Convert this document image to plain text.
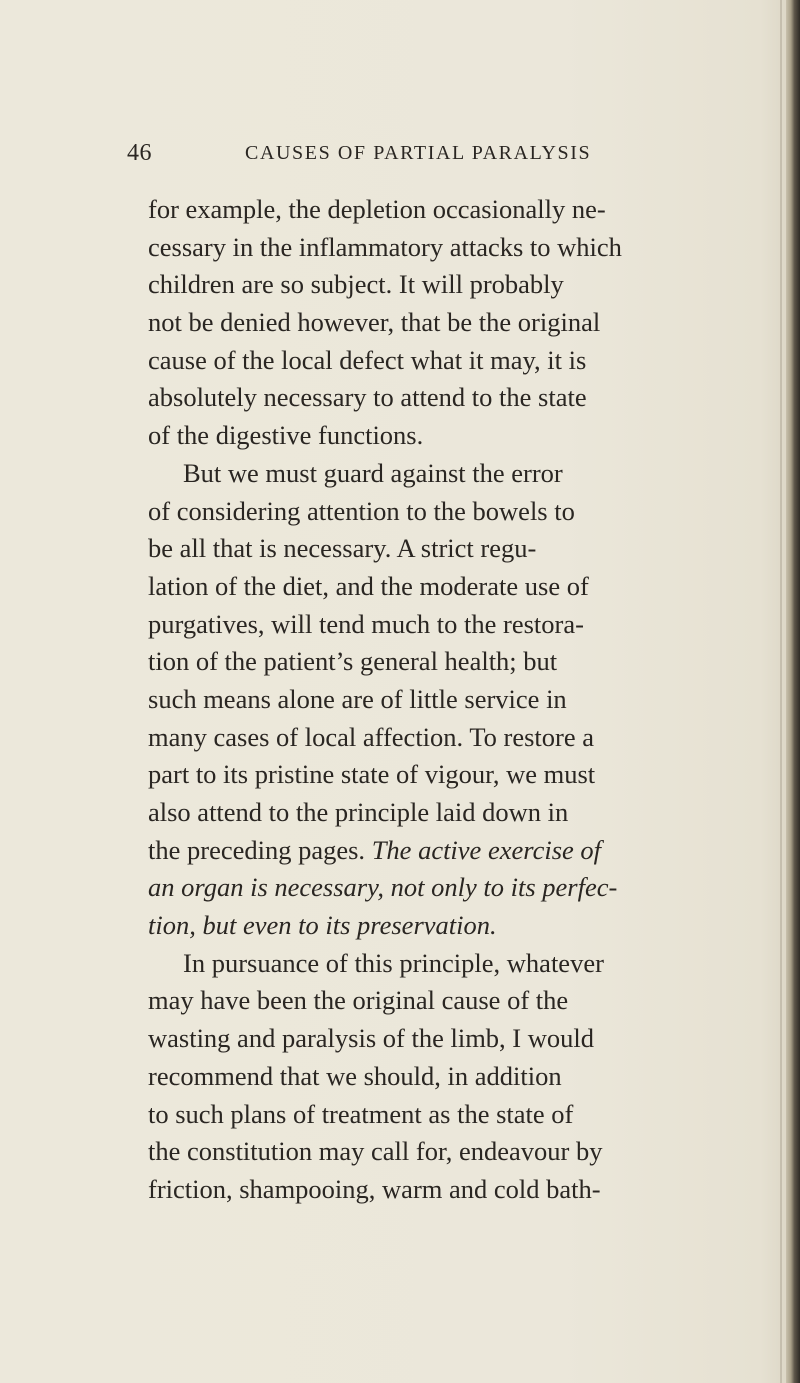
46	CAUSES OF PARTIAL PARALYSIS
for example, the depletion occasionally ne-
cessary in the inflammatory attacks to which
children are so subject. It will probably
not be denied however, that be the original
cause of the local defect what it may, it is
absolutely necessary to attend to the state
of the digestive functions.
But we must guard against the error
of considering attention to the bowels to
be all that is necessary. A strict regu-
lation of the diet, and the moderate use of
purgatives, will tend much to the restora-
tion of the patient’s general health; but
such means alone are of little service in
many cases of local affection. To restore a
part to its pristine state of vigour, we must
also attend to the principle laid down in
the preceding pages. The active exercise of
an organ is necessary, not only to its perfec-
tion, but even to its preservation.
In pursuance of this principle, whatever
may have been the original cause of the
wasting and paralysis of the limb, I would
recommend that we should, in addition
to such plans of treatment as the state of
the constitution may call for, endeavour by
friction, shampooing, warm and cold bath-
